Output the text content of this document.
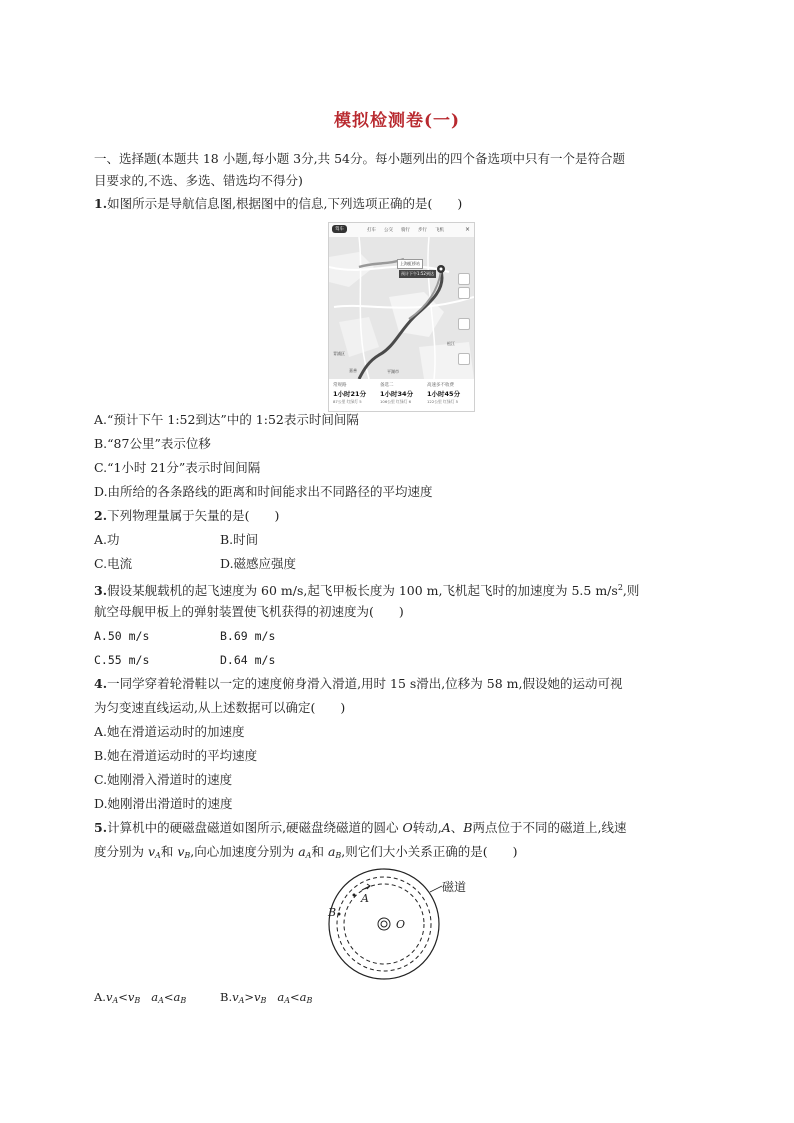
模拟检测卷(一)
一、选择题(本题共 18 小题,每小题 3分,共 54分。每小题列出的四个备选项中只有一个是符合题
目要求的,不选、多选、错选均不得分)
1.如图所示是导航信息图,根据图中的信息,下列选项正确的是(　　)
驾车	打车 公交 骑行 步行 飞机	×
上海虹桥站
预计下午1:52到达
青浦区
平湖市
嘉善
松江
常规路
1小时21分
87公里 红绿灯 5
备选二
1小时34分
106公里 红绿灯 6
高速多不收费
1小时45分
122公里 红绿灯 5
A.“预计下午 1:52到达”中的 1:52表示时间间隔
B.“87公里”表示位移
C.“1小时 21分”表示时间间隔
D.由所给的各条路线的距离和时间能求出不同路径的平均速度
2.下列物理量属于矢量的是(　　)
A.功	B.时间
C.电流	D.磁感应强度
3.假设某舰载机的起飞速度为 60 m/s,起飞甲板长度为 100 m,飞机起飞时的加速度为 5.5 $m/s^2$,则
航空母舰甲板上的弹射装置使飞机获得的初速度为(　　)
A.50 m/s	B.69 m/s
C.55 m/s	D.64 m/s
4.一同学穿着轮滑鞋以一定的速度俯身滑入滑道,用时 15 s滑出,位移为 58 m,假设她的运动可视
为匀变速直线运动,从上述数据可以确定(　　)
A.她在滑道运动时的加速度
B.她在滑道运动时的平均速度
C.她刚滑入滑道时的速度
D.她刚滑出滑道时的速度
5.计算机中的硬磁盘磁道如图所示,硬磁盘绕磁道的圆心 O转动,A、B两点位于不同的磁道上,线速
度分别为 $v_A$和 $v_B$,向心加速度分别为 $a_A$和 $a_B$,则它们大小关系正确的是(　　)
磁道
A
B
O
$A.v_A<v_B$ $a_A<a_B$	$B.v_A>v_B$ $a_A<a_B$
